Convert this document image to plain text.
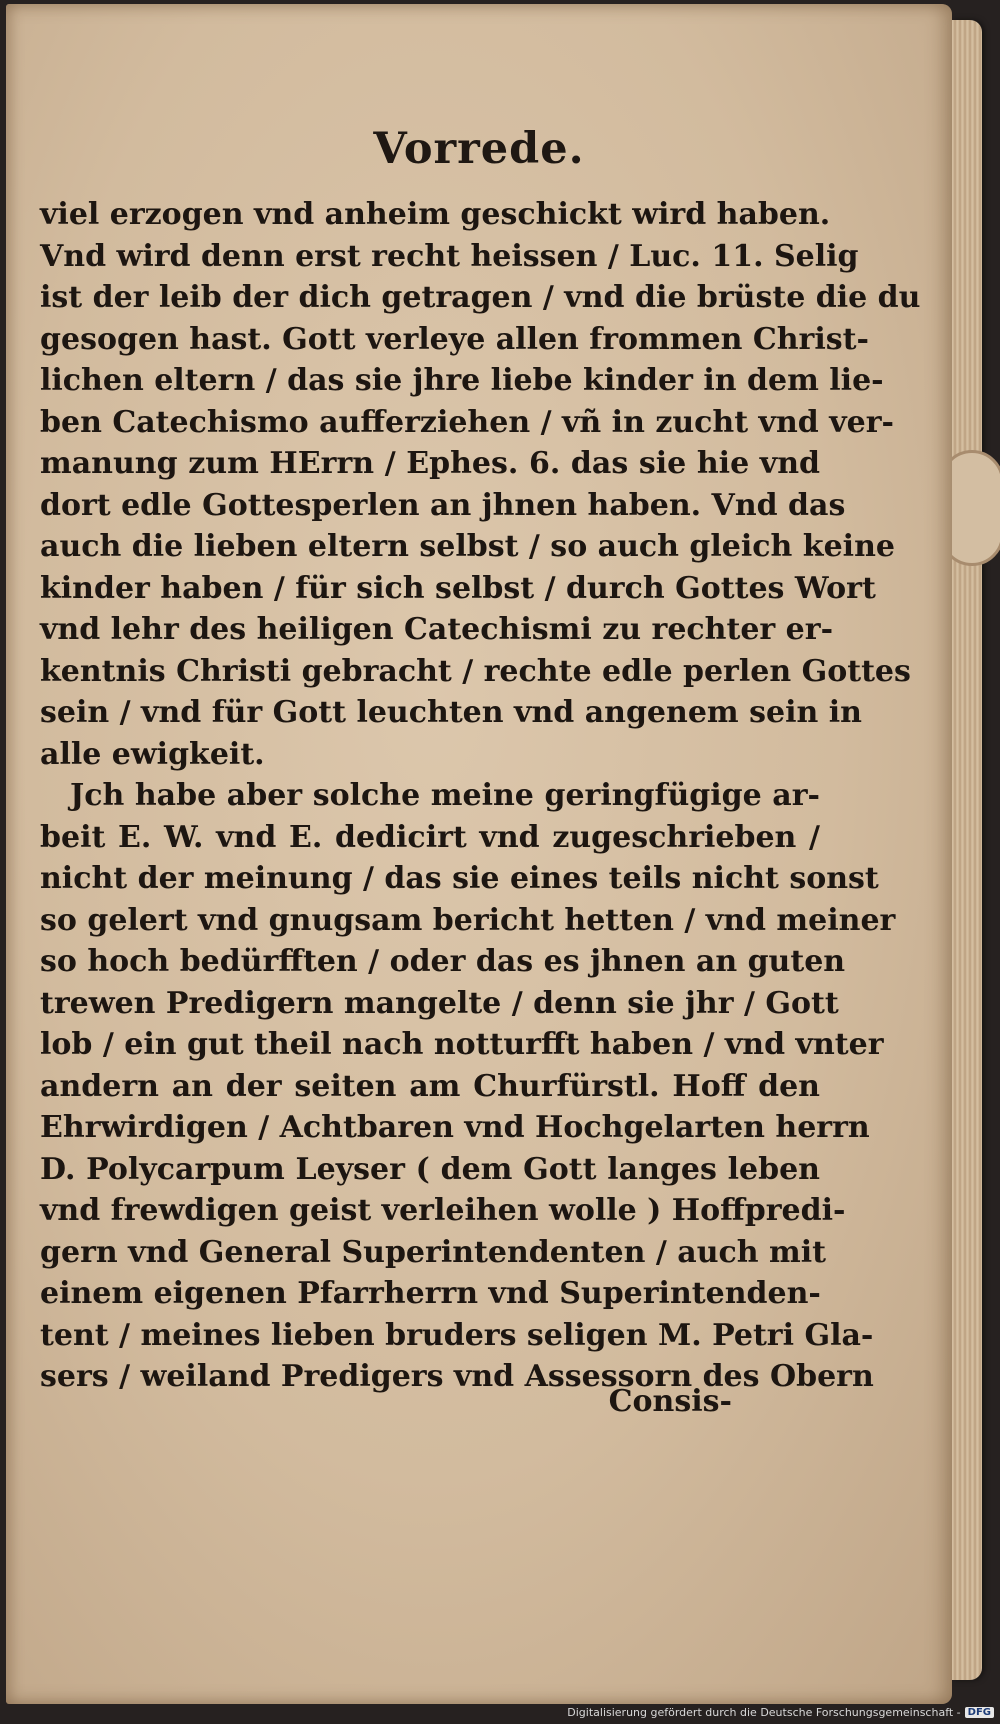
Vorrede.
viel erzogen vnd anheim geschickt wird haben.
Vnd wird denn erst recht heissen / Luc. 11. Selig
ist der leib der dich getragen / vnd die brüste die du
gesogen hast. Gott verleye allen frommen Christ-
lichen eltern / das sie jhre liebe kinder in dem lie-
ben Catechismo aufferziehen / vñ in zucht vnd ver-
manung zum HErrn / Ephes. 6. das sie hie vnd
dort edle Gottesperlen an jhnen haben. Vnd das
auch die lieben eltern selbst / so auch gleich keine
kinder haben / für sich selbst / durch Gottes Wort
vnd lehr des heiligen Catechismi zu rechter er-
kentnis Christi gebracht / rechte edle perlen Gottes
sein / vnd für Gott leuchten vnd angenem sein in
alle ewigkeit.
Jch habe aber solche meine geringfügige ar-
beit E. W. vnd E. dedicirt vnd zugeschrieben /
nicht der meinung / das sie eines teils nicht sonst
so gelert vnd gnugsam bericht hetten / vnd meiner
so hoch bedürfften / oder das es jhnen an guten
trewen Predigern mangelte / denn sie jhr / Gott
lob / ein gut theil nach notturfft haben / vnd vnter
andern an der seiten am Churfürstl. Hoff den
Ehrwirdigen / Achtbaren vnd Hochgelarten herrn
D. Polycarpum Leyser ( dem Gott langes leben
vnd frewdigen geist verleihen wolle ) Hoffpredi-
gern vnd General Superintendenten / auch mit
einem eigenen Pfarrherrn vnd Superintenden-
tent / meines lieben bruders seligen M. Petri Gla-
sers / weiland Predigers vnd Assessorn des Obern
Consis-
Digitalisierung gefördert durch die Deutsche Forschungsgemeinschaft - DFG
